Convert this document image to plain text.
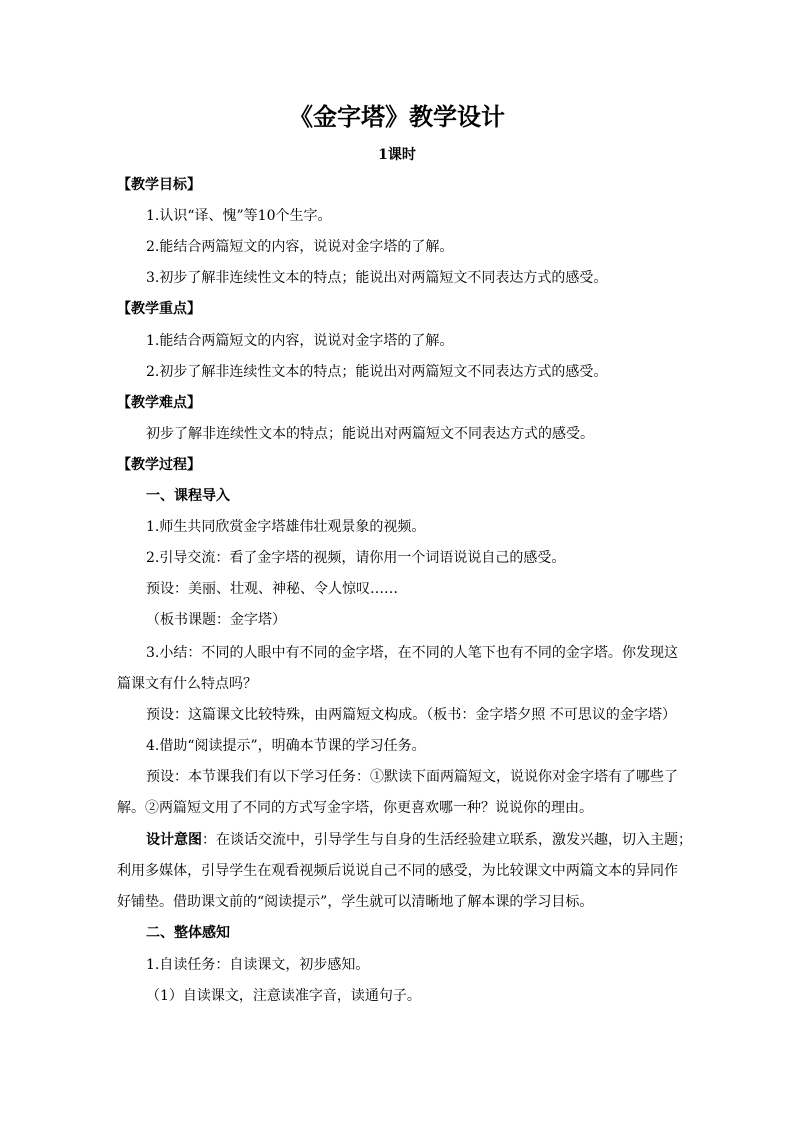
《金字塔》教学设计
1课时
【教学目标】
1.认识“译、愧”等10个生字。
2.能结合两篇短文的内容，说说对金字塔的了解。
3.初步了解非连续性文本的特点；能说出对两篇短文不同表达方式的感受。
【教学重点】
1.能结合两篇短文的内容，说说对金字塔的了解。
2.初步了解非连续性文本的特点；能说出对两篇短文不同表达方式的感受。
【教学难点】
初步了解非连续性文本的特点；能说出对两篇短文不同表达方式的感受。
【教学过程】
一、课程导入
1.师生共同欣赏金字塔雄伟壮观景象的视频。
2.引导交流：看了金字塔的视频，请你用一个词语说说自己的感受。
预设：美丽、壮观、神秘、令人惊叹……
（板书课题：金字塔）
3.小结：不同的人眼中有不同的金字塔，在不同的人笔下也有不同的金字塔。你发现这
篇课文有什么特点吗？
预设：这篇课文比较特殊，由两篇短文构成。（板书：金字塔夕照 不可思议的金字塔）
4.借助“阅读提示”，明确本节课的学习任务。
预设：本节课我们有以下学习任务：①默读下面两篇短文，说说你对金字塔有了哪些了
解。②两篇短文用了不同的方式写金字塔，你更喜欢哪一种？说说你的理由。
设计意图：在谈话交流中，引导学生与自身的生活经验建立联系，激发兴趣，切入主题；
利用多媒体，引导学生在观看视频后说说自己不同的感受，为比较课文中两篇文本的异同作
好铺垫。借助课文前的“阅读提示”，学生就可以清晰地了解本课的学习目标。
二、整体感知
1.自读任务：自读课文，初步感知。
（1）自读课文，注意读准字音，读通句子。
